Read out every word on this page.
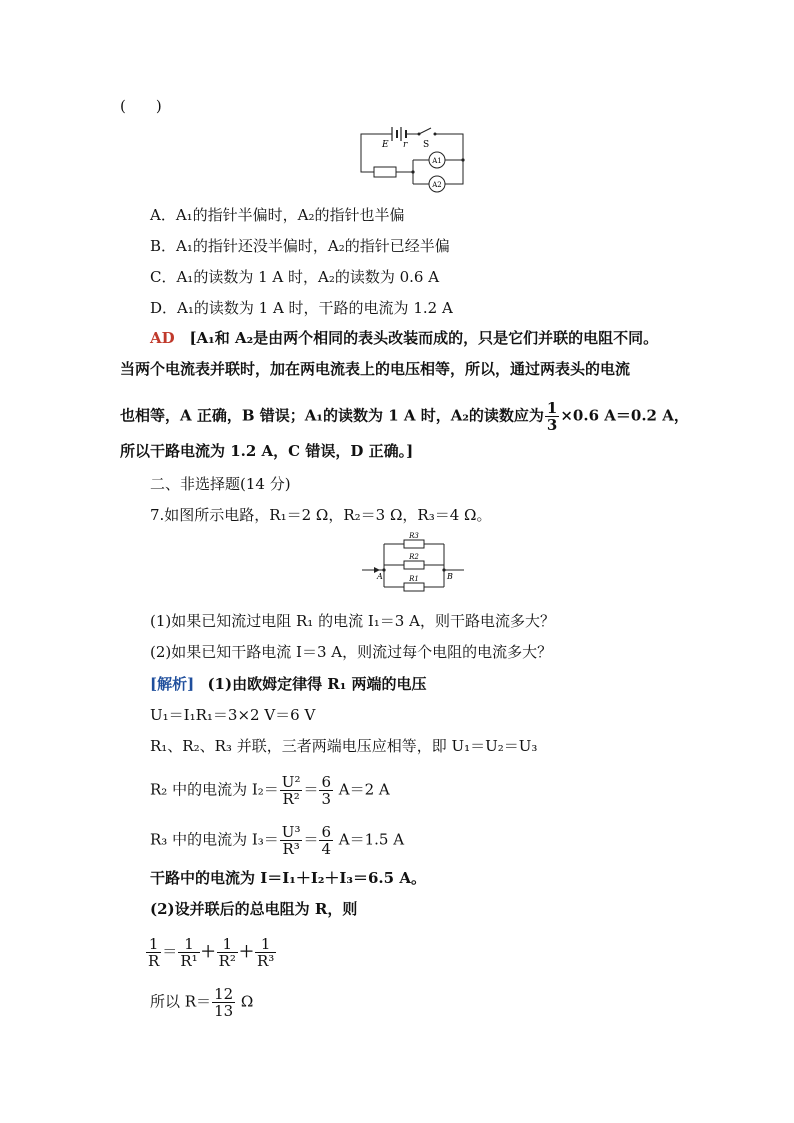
(　　)
E r S
A1
A2
A．A₁的指针半偏时，A₂的指针也半偏
B．A₁的指针还没半偏时，A₂的指针已经半偏
C．A₁的读数为 1 A 时，A₂的读数为 0.6 A
D．A₁的读数为 1 A 时，干路的电流为 1.2 A
AD [A₁和 A₂是由两个相同的表头改装而成的，只是它们并联的电阻不同。
当两个电流表并联时，加在两电流表上的电压相等，所以，通过两表头的电流
也相等，A 正确，B 错误；A₁的读数为 1 A 时，A₂的读数应为 $\frac{1}{3} \times 0.6$ A＝0.2 A，
所以干路电流为 1.2 A，C 错误，D 正确。]
二、非选择题(14 分)
7.如图所示电路，R₁＝2 Ω，R₂＝3 Ω，R₃＝4 Ω。
R3
R2
R1
A	B
(1)如果已知流过电阻 R₁ 的电流 I₁＝3 A，则干路电流多大？
(2)如果已知干路电流 I＝3 A，则流过每个电阻的电流多大？
[解析] (1)由欧姆定律得 R₁ 两端的电压
U₁＝I₁R₁＝3×2 V＝6 V
R₁、R₂、R₃ 并联，三者两端电压应相等，即 U₁＝U₂＝U₃
R₂ 中的电流为 $I_2= \frac{\text{U²}}{\text{R²}} = \frac{6}{3} A=2$ A
R₃ 中的电流为 $I_3= \frac{\text{U³}}{\text{R³}} = \frac{6}{4} A=1.5$ A
干路中的电流为 I＝I₁＋I₂＋I₃＝6.5 A。
(2)设并联后的总电阻为 R，则
$\frac{1}{R} = \frac{1}{\text{R¹}} + \frac{1}{\text{R²}} + \frac{1}{\text{R³}}$
所以 $R= \frac{12}{13}$ Ω
